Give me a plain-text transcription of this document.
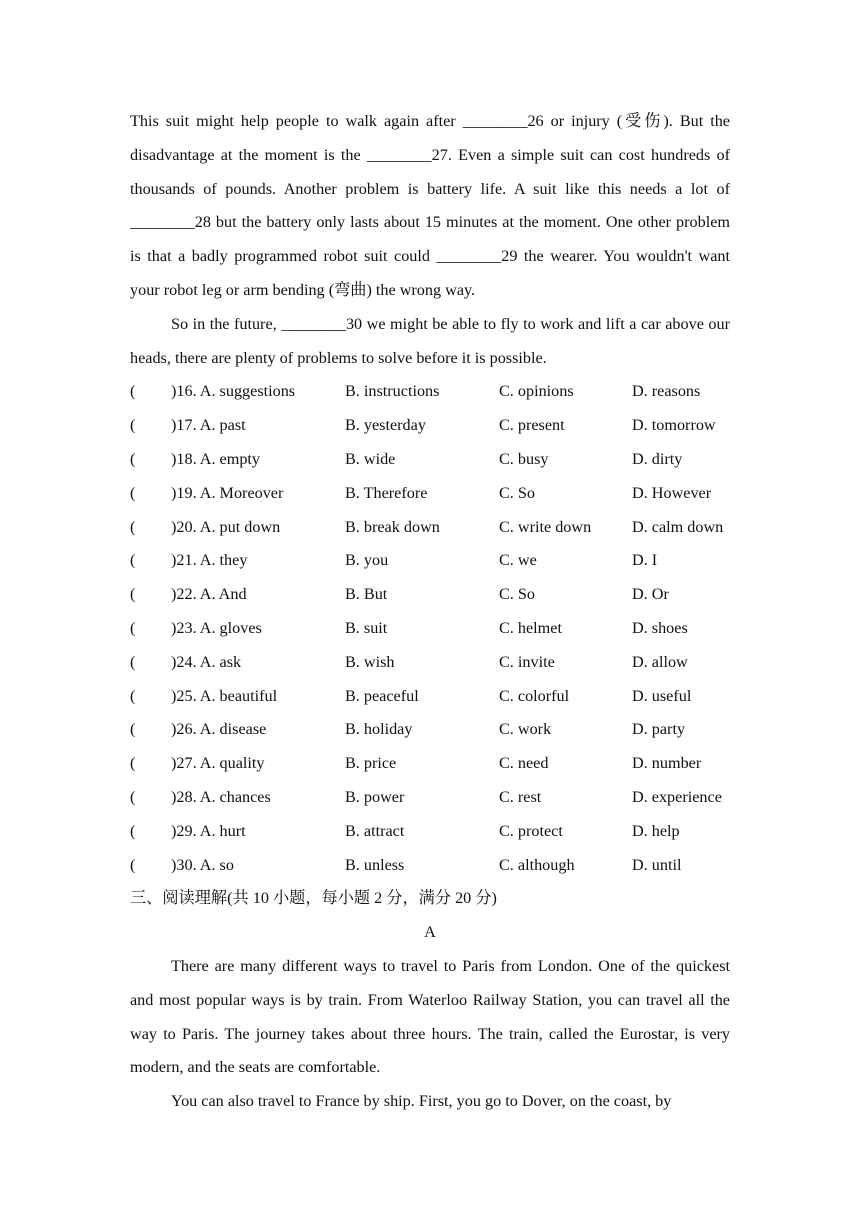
This suit might help people to walk again after ________26 or injury (受伤). But the disadvantage at the moment is the ________27. Even a simple suit can cost hundreds of thousands of pounds. Another problem is battery life. A suit like this needs a lot of ________28 but the battery only lasts about 15 minutes at the moment. One other problem is that a badly programmed robot suit could ________29 the wearer. You wouldn't want your robot leg or arm bending (弯曲) the wrong way.

So in the future, ________30 we might be able to fly to work and lift a car above our heads, there are plenty of problems to solve before it is possible.

(	)16. A. suggestions	B. instructions	C. opinions	D. reasons
(	)17. A. past	B. yesterday	C. present	D. tomorrow
(	)18. A. empty	B. wide	C. busy	D. dirty
(	)19. A. Moreover	B. Therefore	C. So	D. However
(	)20. A. put down	B. break down	C. write down	D. calm down
(	)21. A. they	B. you	C. we	D. I
(	)22. A. And	B. But	C. So	D. Or
(	)23. A. gloves	B. suit	C. helmet	D. shoes
(	)24. A. ask	B. wish	C. invite	D. allow
(	)25. A. beautiful	B. peaceful	C. colorful	D. useful
(	)26. A. disease	B. holiday	C. work	D. party
(	)27. A. quality	B. price	C. need	D. number
(	)28. A. chances	B. power	C. rest	D. experience
(	)29. A. hurt	B. attract	C. protect	D. help
(	)30. A. so	B. unless	C. although	D. until

三、阅读理解(共 10 小题，每小题 2 分，满分 20 分)

A

There are many different ways to travel to Paris from London. One of the quickest and most popular ways is by train. From Waterloo Railway Station, you can travel all the way to Paris. The journey takes about three hours. The train, called the Eurostar, is very modern, and the seats are comfortable.

You can also travel to France by ship. First, you go to Dover, on the coast, by
